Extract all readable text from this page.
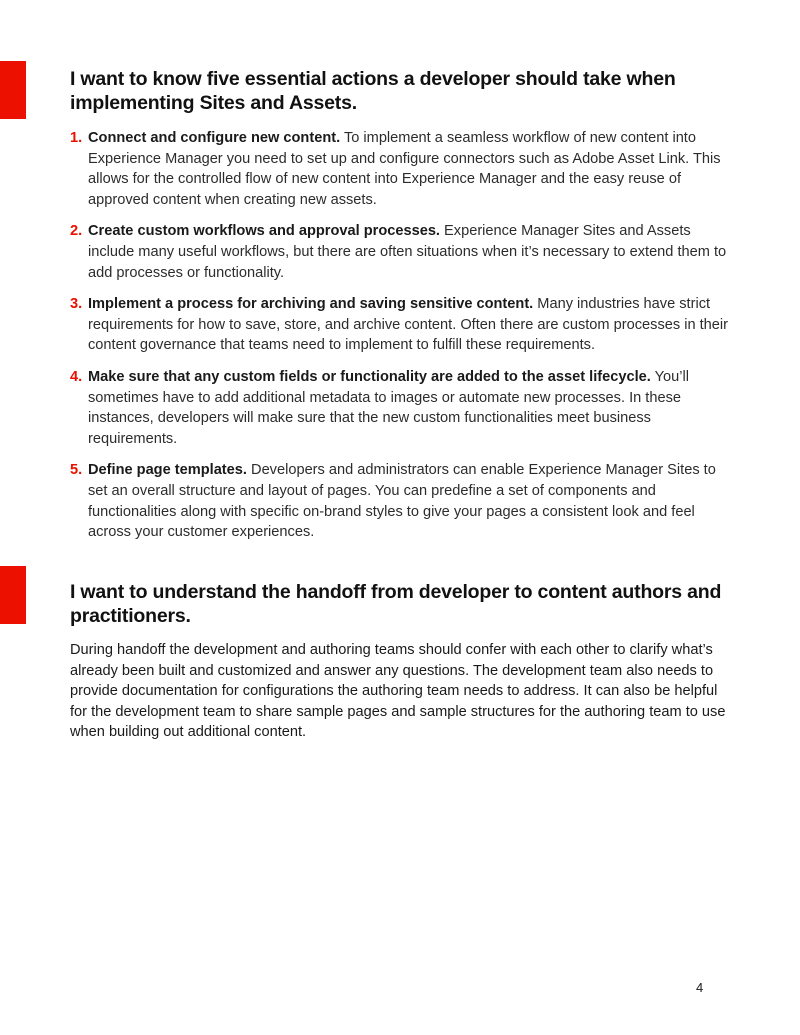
I want to know five essential actions a developer should take when implementing Sites and Assets.
1. Connect and configure new content. To implement a seamless workflow of new content into Experience Manager you need to set up and configure connectors such as Adobe Asset Link. This allows for the controlled flow of new content into Experience Manager and the easy reuse of approved content when creating new assets.
2. Create custom workflows and approval processes. Experience Manager Sites and Assets include many useful workflows, but there are often situations when it’s necessary to extend them to add processes or functionality.
3. Implement a process for archiving and saving sensitive content. Many industries have strict requirements for how to save, store, and archive content. Often there are custom processes in their content governance that teams need to implement to fulfill these requirements.
4. Make sure that any custom fields or functionality are added to the asset lifecycle. You’ll sometimes have to add additional metadata to images or automate new processes. In these instances, developers will make sure that the new custom functionalities meet business requirements.
5. Define page templates. Developers and administrators can enable Experience Manager Sites to set an overall structure and layout of pages. You can predefine a set of components and functionalities along with specific on-brand styles to give your pages a consistent look and feel across your customer experiences.
I want to understand the handoff from developer to content authors and practitioners.

During handoff the development and authoring teams should confer with each other to clarify what’s already been built and customized and answer any questions. The development team also needs to provide documentation for configurations the authoring team needs to address. It can also be helpful for the development team to share sample pages and sample structures for the authoring team to use when building out additional content.

4
